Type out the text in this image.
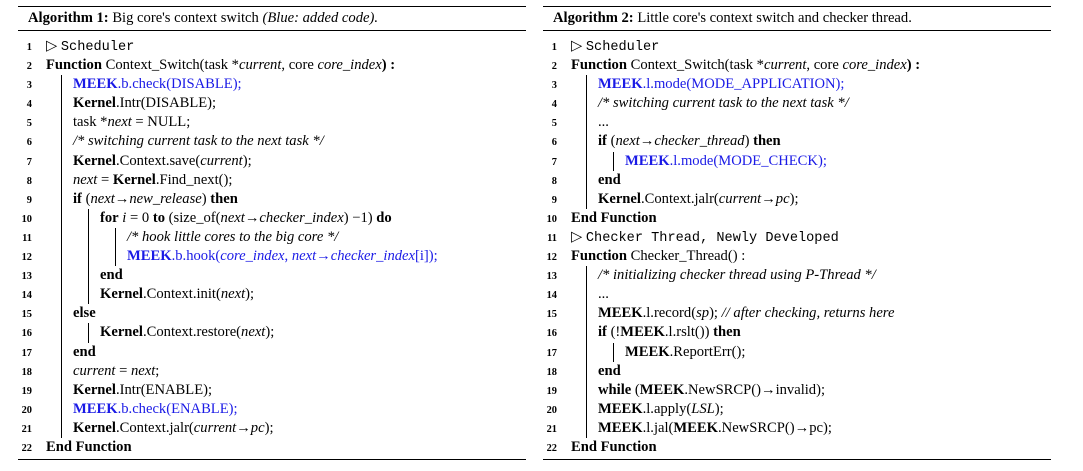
Algorithm 1: Big core's context switch (Blue: added code).
1 ▷ Scheduler
2 Function Context_Switch(task *current, core core_index) :
3	MEEK.b.check(DISABLE);
4	Kernel.Intr(DISABLE);
5	task *next = NULL;
6	/* switching current task to the next task */
7	Kernel.Context.save(current);
8	next = Kernel.Find_next();
9	if (next→new_release) then
10	for i = 0 to (size_of(next→checker_index) −1) do
11	/* hook little cores to the big core */
12	MEEK.b.hook(core_index, next→checker_index[i]);
13	end
14	Kernel.Context.init(next);
15	else
16	Kernel.Context.restore(next);
17	end
18	current = next;
19	Kernel.Intr(ENABLE);
20	MEEK.b.check(ENABLE);
21	Kernel.Context.jalr(current→pc);
22 End Function
Algorithm 2: Little core's context switch and checker thread.
1 ▷ Scheduler
2 Function Context_Switch(task *current, core core_index) :
3	MEEK.l.mode(MODE_APPLICATION);
4	/* switching current task to the next task */
5	...
6	if (next→checker_thread) then
7	MEEK.l.mode(MODE_CHECK);
8	end
9	Kernel.Context.jalr(current→pc);
10 End Function
11 ▷ Checker Thread, Newly Developed
12 Function Checker_Thread() :
13	/* initializing checker thread using P-Thread */
14	...
15	MEEK.l.record(sp); // after checking, returns here
16	if (!MEEK.l.rslt()) then
17	MEEK.ReportErr();
18	end
19	while (MEEK.NewSRCP()→invalid);
20	MEEK.l.apply(LSL);
21	MEEK.l.jal(MEEK.NewSRCP()→pc);
22 End Function
